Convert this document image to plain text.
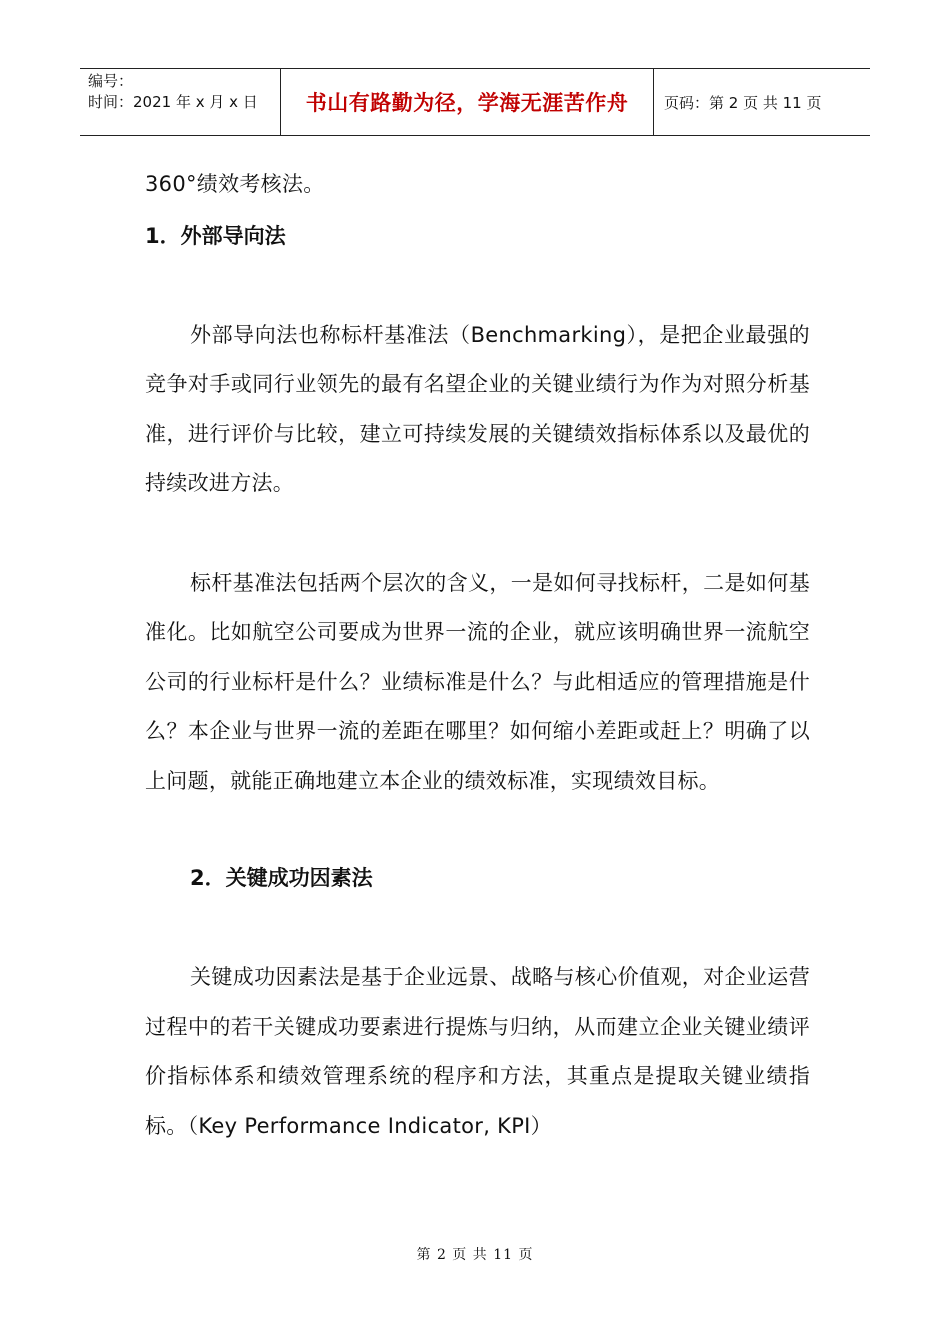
编号：
时间：2021 年 x 月 x 日	书山有路勤为径，学海无涯苦作舟 页码：第 2 页 共 11 页

360°绩效考核法。

1．外部导向法

外部导向法也称标杆基准法（Benchmarking），是把企业最强的竞争对手或同行业领先的最有名望企业的关键业绩行为作为对照分析基准，进行评价与比较，建立可持续发展的关键绩效指标体系以及最优的持续改进方法。

标杆基准法包括两个层次的含义，一是如何寻找标杆，二是如何基准化。比如航空公司要成为世界一流的企业，就应该明确世界一流航空公司的行业标杆是什么？业绩标准是什么？与此相适应的管理措施是什么？本企业与世界一流的差距在哪里？如何缩小差距或赶上？明确了以上问题，就能正确地建立本企业的绩效标准，实现绩效目标。

2．关键成功因素法

关键成功因素法是基于企业远景、战略与核心价值观，对企业运营过程中的若干关键成功要素进行提炼与归纳，从而建立企业关键业绩评价指标体系和绩效管理系统的程序和方法，其重点是提取关键业绩指标。（Key Performance Indicator, KPI）

第 2 页 共 11 页
